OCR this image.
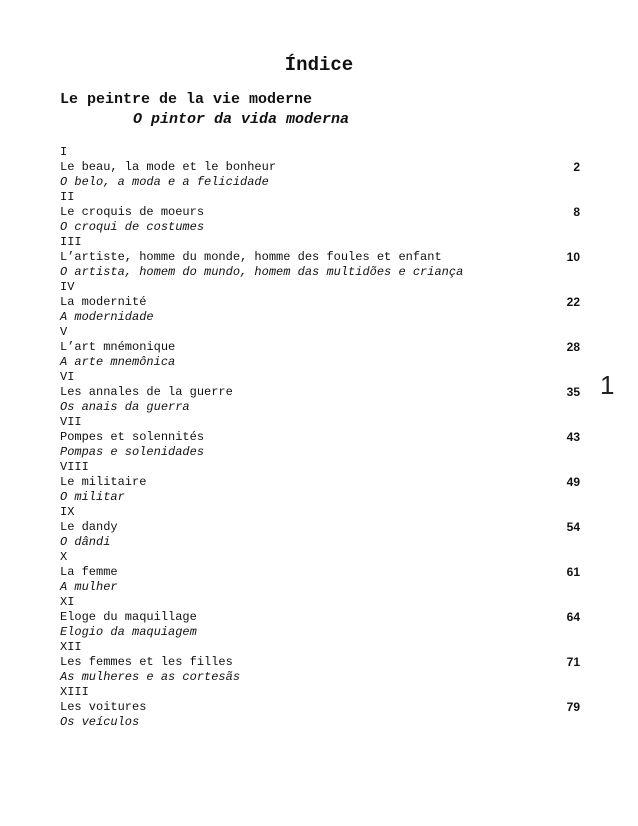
Índice
Le peintre de la vie moderne
O pintor da vida moderna
1
I
Le beau, la mode et le bonheur
O belo, a moda e a felicidade
2
II
Le croquis de moeurs
O croqui de costumes
8
III
L’artiste, homme du monde, homme des foules et enfant
O artista, homem do mundo, homem das multidões e criança
10
IV
La modernité
A modernidade
22
V
L’art mnémonique
A arte mnemônica
28
VI
Les annales de la guerre
Os anais da guerra
35
VII
Pompes et solennités
Pompas e solenidades
43
VIII
Le militaire
O militar
49
IX
Le dandy
O dândi
54
X
La femme
A mulher
61
XI
Eloge du maquillage
Elogio da maquiagem
64
XII
Les femmes et les filles
As mulheres e as cortesãs
71
XIII
Les voitures
Os veículos
79
